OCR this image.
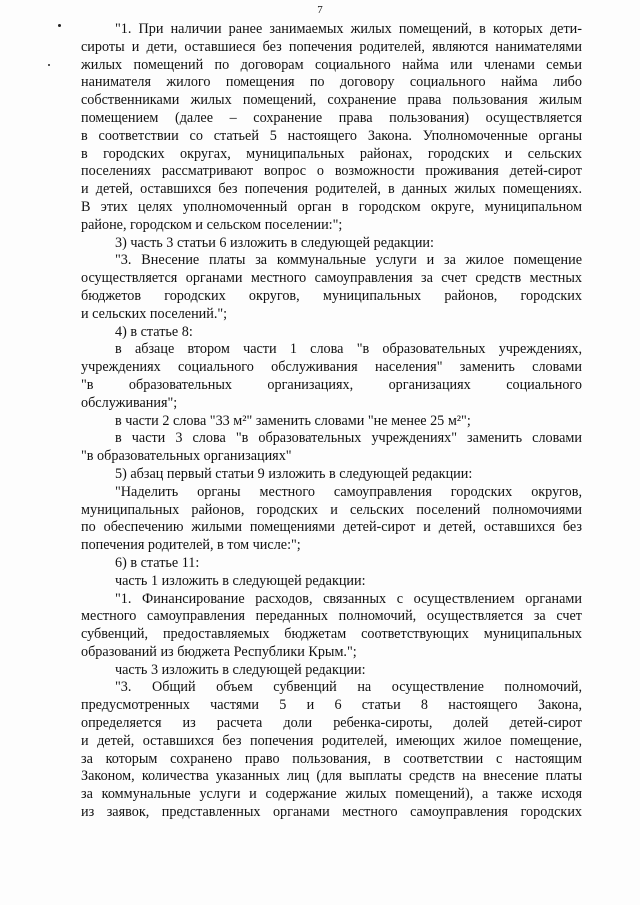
7
"1. При наличии ранее занимаемых жилых помещений, в которых дети-
сироты и дети, оставшиеся без попечения родителей, являются нанимателями
жилых помещений по договорам социального найма или членами семьи
нанимателя жилого помещения по договору социального найма либо
собственниками жилых помещений, сохранение права пользования жилым
помещением (далее – сохранение права пользования) осуществляется
в соответствии со статьей 5 настоящего Закона. Уполномоченные органы
в городских округах, муниципальных районах, городских и сельских
поселениях рассматривают вопрос о возможности проживания детей-сирот
и детей, оставшихся без попечения родителей, в данных жилых помещениях.
В этих целях уполномоченный орган в городском округе, муниципальном
районе, городском и сельском поселении:";
3) часть 3 статьи 6 изложить в следующей редакции:
"3. Внесение платы за коммунальные услуги и за жилое помещение
осуществляется органами местного самоуправления за счет средств местных
бюджетов городских округов, муниципальных районов, городских
и сельских поселений.";
4) в статье 8:
в абзаце втором части 1 слова "в образовательных учреждениях,
учреждениях социального обслуживания населения" заменить словами
"в образовательных организациях, организациях социального
обслуживания";
в части 2 слова "33 м²" заменить словами "не менее 25 м²";
в части 3 слова "в образовательных учреждениях" заменить словами
"в образовательных организациях"
5) абзац первый статьи 9 изложить в следующей редакции:
"Наделить органы местного самоуправления городских округов,
муниципальных районов, городских и сельских поселений полномочиями
по обеспечению жилыми помещениями детей-сирот и детей, оставшихся без
попечения родителей, в том числе:";
6) в статье 11:
часть 1 изложить в следующей редакции:
"1. Финансирование расходов, связанных с осуществлением органами
местного самоуправления переданных полномочий, осуществляется за счет
субвенций, предоставляемых бюджетам соответствующих муниципальных
образований из бюджета Республики Крым.";
часть 3 изложить в следующей редакции:
"3. Общий объем субвенций на осуществление полномочий,
предусмотренных частями 5 и 6 статьи 8 настоящего Закона,
определяется из расчета доли ребенка-сироты, долей детей-сирот
и детей, оставшихся без попечения родителей, имеющих жилое помещение,
за которым сохранено право пользования, в соответствии с настоящим
Законом, количества указанных лиц (для выплаты средств на внесение платы
за коммунальные услуги и содержание жилых помещений), а также исходя
из заявок, представленных органами местного самоуправления городских
